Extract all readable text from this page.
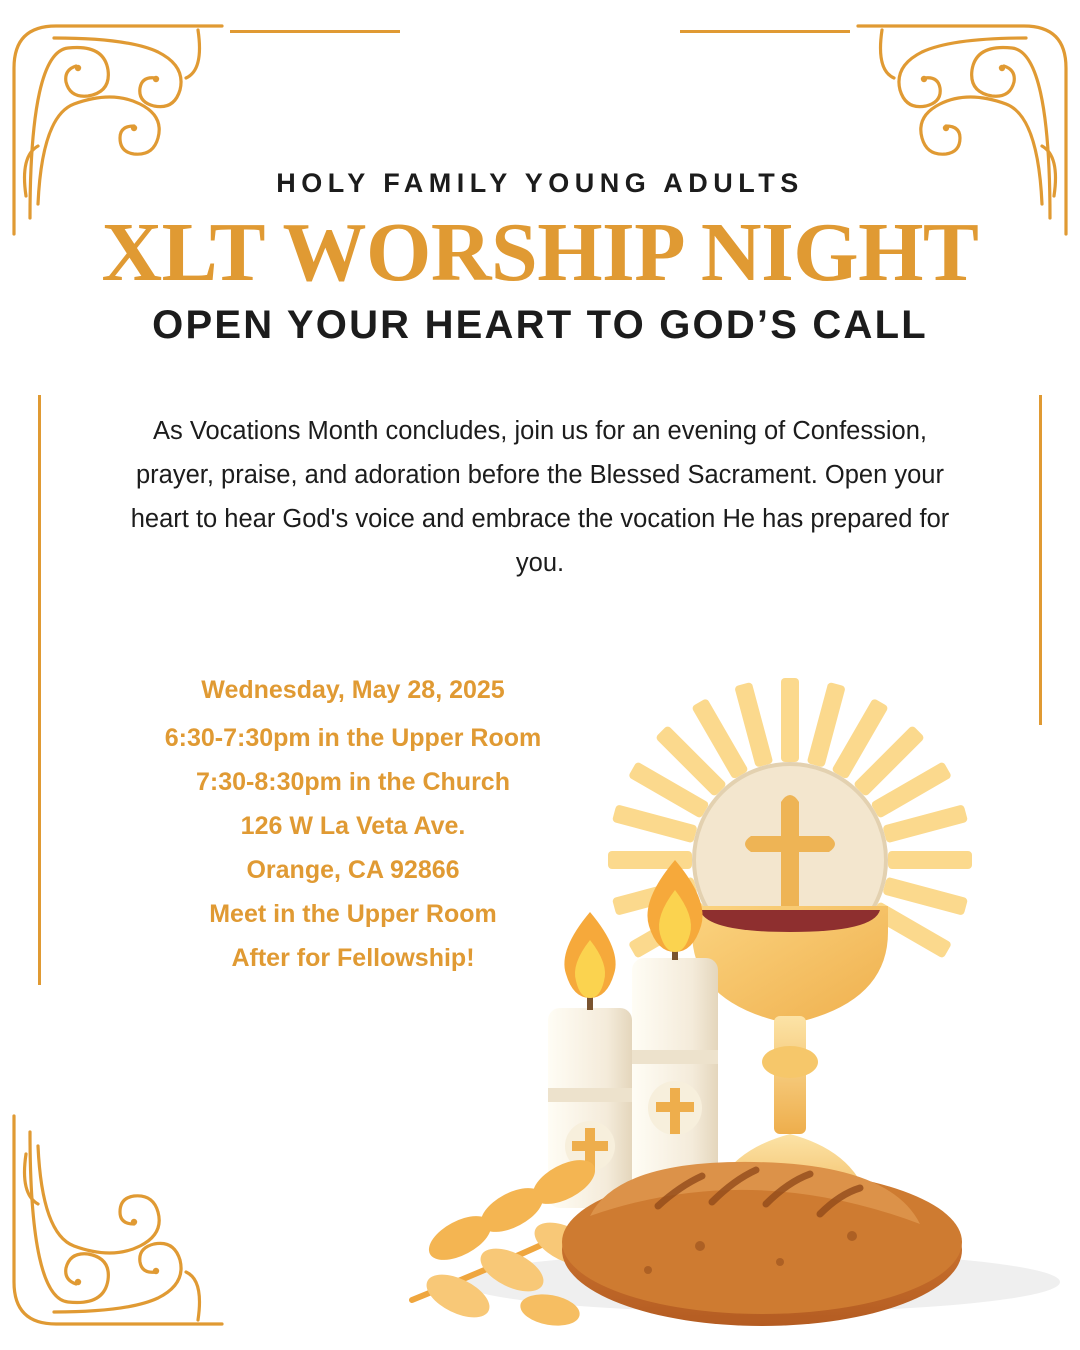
HOLY FAMILY YOUNG ADULTS
XLT WORSHIP NIGHT
OPEN YOUR HEART TO GOD’S CALL
As Vocations Month concludes, join us for an evening of Confession, prayer, praise, and adoration before the Blessed Sacrament. Open your heart to hear God's voice and embrace the vocation He has prepared for you.
Wednesday, May 28, 2025
6:30-7:30pm in the Upper Room
7:30-8:30pm in the Church
126 W La Veta Ave.
Orange, CA 92866
Meet in the Upper Room
After for Fellowship!
